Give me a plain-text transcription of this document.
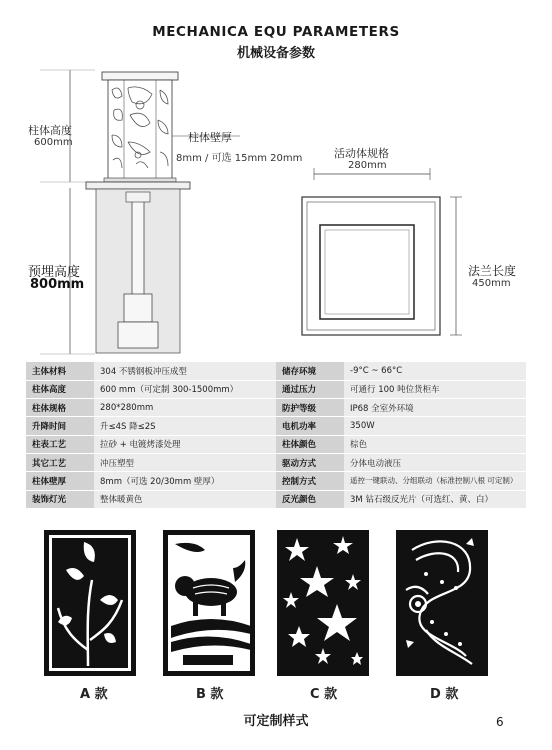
MECHANICA EQU PARAMETERS
机械设备参数
柱体高度
600mm
预埋高度
800mm
柱体壁厚
8mm / 可选 15mm 20mm	活动体规格
280mm
法兰长度
450mm
主体材料	304 不锈钢板冲压成型	储存环境	-9°C ~ 66°C
柱体高度	600 mm（可定制 300-1500mm）	通过压力	可通行 100 吨位货柜车
柱体规格	280*280mm	防护等级	IP68 全室外环境
升降时间	升≤4S 降≤2S	电机功率	350W
柱表工艺	拉砂 + 电镀烤漆处理	柱体颜色	棕色
其它工艺	冲压塑型	驱动方式	分体电动液压
柱体壁厚	8mm（可选 20/30mm 壁厚）	控制方式	遥控一键联动、分组联动（标准控制八根 可定制）
装饰灯光	整体暖黄色	反光颜色	3M 钻石级反光片（可选红、黄、白）
A 款	B 款	C 款	D 款
可定制样式	6
